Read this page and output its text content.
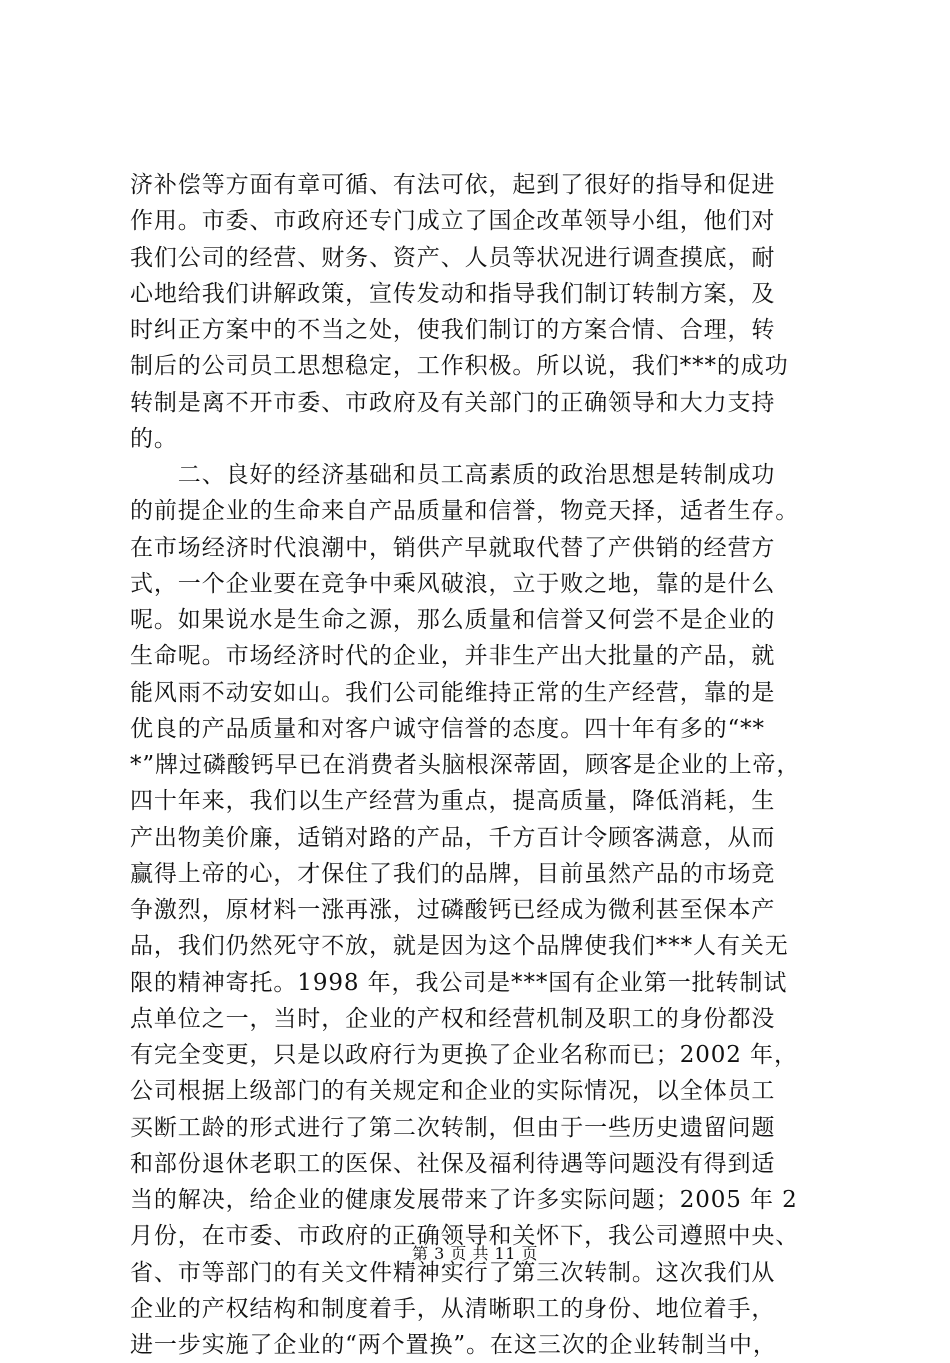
济补偿等方面有章可循、有法可依，起到了很好的指导和促进
作用。市委、市政府还专门成立了国企改革领导小组，他们对
我们公司的经营、财务、资产、人员等状况进行调查摸底，耐
心地给我们讲解政策，宣传发动和指导我们制订转制方案，及
时纠正方案中的不当之处，使我们制订的方案合情、合理，转
制后的公司员工思想稳定，工作积极。所以说，我们***的成功
转制是离不开市委、市政府及有关部门的正确领导和大力支持
的。
　　二、良好的经济基础和员工高素质的政治思想是转制成功
的前提企业的生命来自产品质量和信誉，物竞天择，适者生存。
在市场经济时代浪潮中，销供产早就取代替了产供销的经营方
式，一个企业要在竞争中乘风破浪，立于败之地，靠的是什么
呢。如果说水是生命之源，那么质量和信誉又何尝不是企业的
生命呢。市场经济时代的企业，并非生产出大批量的产品，就
能风雨不动安如山。我们公司能维持正常的生产经营，靠的是
优良的产品质量和对客户诚守信誉的态度。四十年有多的“**
*”牌过磷酸钙早已在消费者头脑根深蒂固，顾客是企业的上帝，
四十年来，我们以生产经营为重点，提高质量，降低消耗，生
产出物美价廉，适销对路的产品，千方百计令顾客满意，从而
赢得上帝的心，才保住了我们的品牌，目前虽然产品的市场竞
争激烈，原材料一涨再涨，过磷酸钙已经成为微利甚至保本产
品，我们仍然死守不放，就是因为这个品牌使我们***人有关无
限的精神寄托。1998 年，我公司是***国有企业第一批转制试
点单位之一，当时，企业的产权和经营机制及职工的身份都没
有完全变更，只是以政府行为更换了企业名称而已；2002 年，
公司根据上级部门的有关规定和企业的实际情况，以全体员工
买断工龄的形式进行了第二次转制，但由于一些历史遗留问题
和部份退休老职工的医保、社保及福利待遇等问题没有得到适
当的解决，给企业的健康发展带来了许多实际问题；2005 年 2
月份，在市委、市政府的正确领导和关怀下，我公司遵照中央、
省、市等部门的有关文件精神实行了第三次转制。这次我们从
企业的产权结构和制度着手，从清晰职工的身份、地位着手，
进一步实施了企业的“两个置换”。在这三次的企业转制当中，
第 3 页 共 11 页
